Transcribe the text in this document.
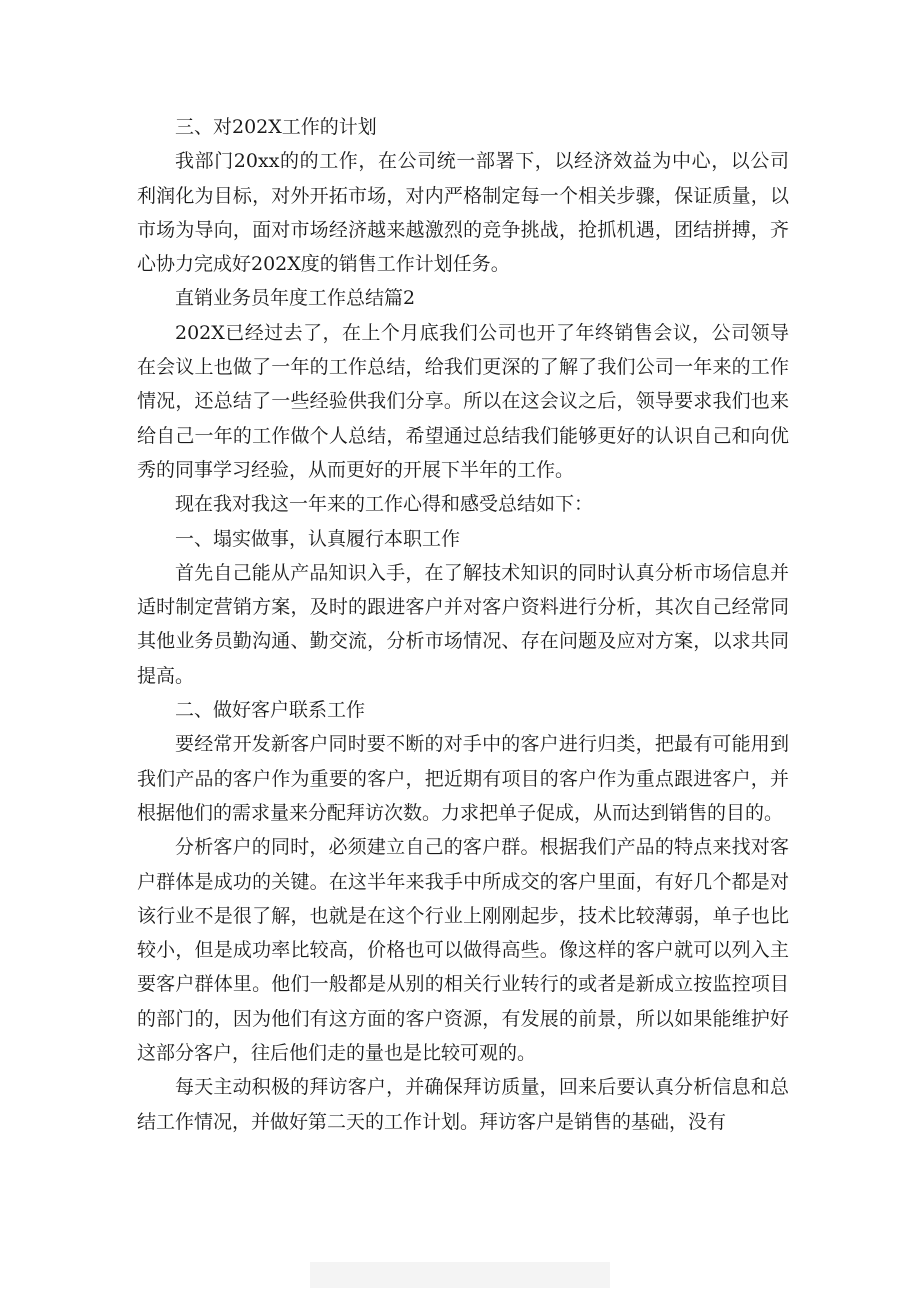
三、对202X工作的计划

我部门20xx的的工作，在公司统一部署下，以经济效益为中心，以公司利润化为目标，对外开拓市场，对内严格制定每一个相关步骤，保证质量，以市场为导向，面对市场经济越来越激烈的竞争挑战，抢抓机遇，团结拼搏，齐心协力完成好202X度的销售工作计划任务。

直销业务员年度工作总结篇2

202X已经过去了，在上个月底我们公司也开了年终销售会议，公司领导在会议上也做了一年的工作总结，给我们更深的了解了我们公司一年来的工作情况，还总结了一些经验供我们分享。所以在这会议之后，领导要求我们也来给自己一年的工作做个人总结，希望通过总结我们能够更好的认识自己和向优秀的同事学习经验，从而更好的开展下半年的工作。

现在我对我这一年来的工作心得和感受总结如下：

一、塌实做事，认真履行本职工作

首先自己能从产品知识入手，在了解技术知识的同时认真分析市场信息并适时制定营销方案，及时的跟进客户并对客户资料进行分析，其次自己经常同其他业务员勤沟通、勤交流，分析市场情况、存在问题及应对方案，以求共同提高。

二、做好客户联系工作

要经常开发新客户同时要不断的对手中的客户进行归类，把最有可能用到我们产品的客户作为重要的客户，把近期有项目的客户作为重点跟进客户，并根据他们的需求量来分配拜访次数。力求把单子促成，从而达到销售的目的。

分析客户的同时，必须建立自己的客户群。根据我们产品的特点来找对客户群体是成功的关键。在这半年来我手中所成交的客户里面，有好几个都是对该行业不是很了解，也就是在这个行业上刚刚起步，技术比较薄弱，单子也比较小，但是成功率比较高，价格也可以做得高些。像这样的客户就可以列入主要客户群体里。他们一般都是从别的相关行业转行的或者是新成立按监控项目的部门的，因为他们有这方面的客户资源，有发展的前景，所以如果能维护好这部分客户，往后他们走的量也是比较可观的。

每天主动积极的拜访客户，并确保拜访质量，回来后要认真分析信息和总结工作情况，并做好第二天的工作计划。拜访客户是销售的基础，没有
